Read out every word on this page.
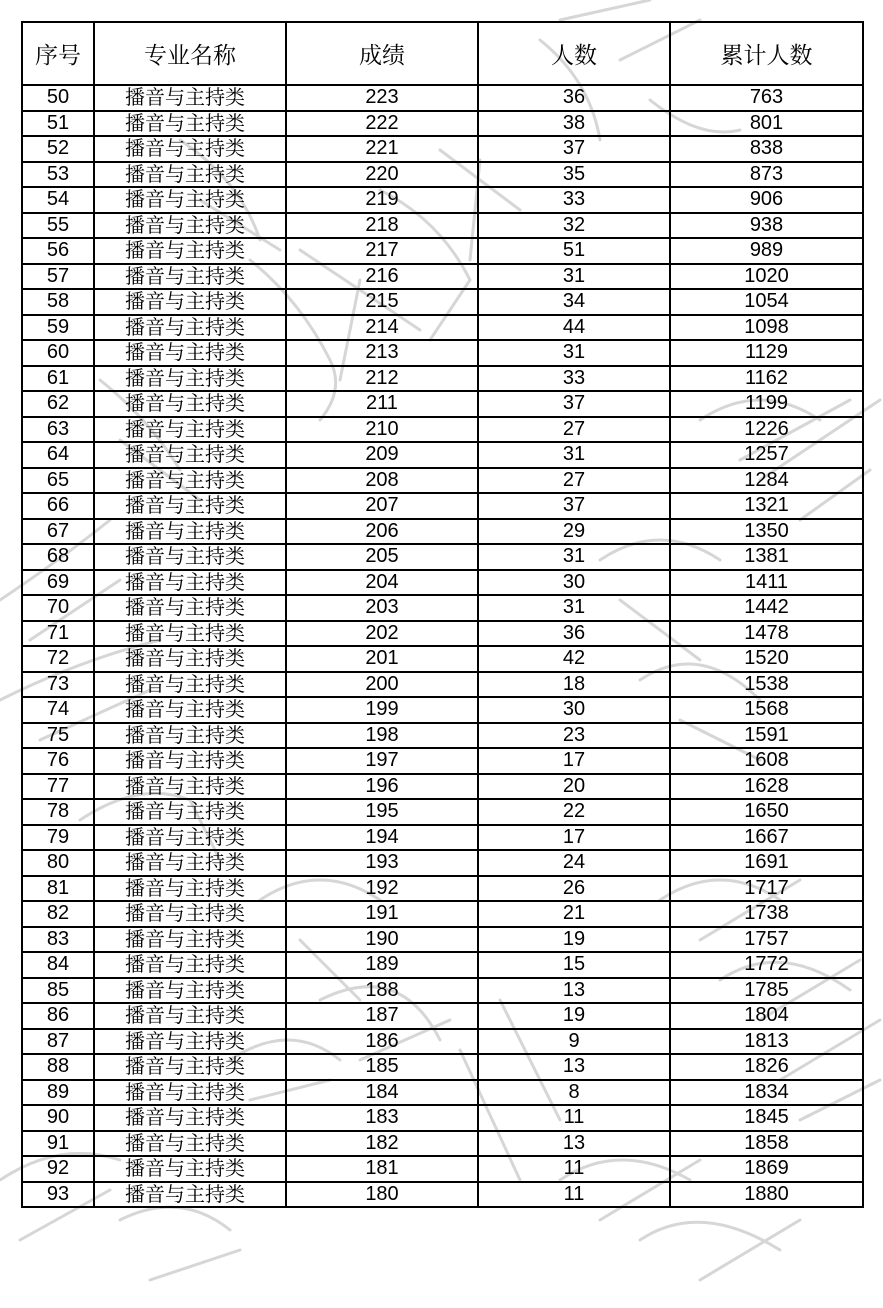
序号	专业名称	成绩	人数	累计人数
50	播音与主持类	223	36	763
51	播音与主持类	222	38	801
52	播音与主持类	221	37	838
53	播音与主持类	220	35	873
54	播音与主持类	219	33	906
55	播音与主持类	218	32	938
56	播音与主持类	217	51	989
57	播音与主持类	216	31	1020
58	播音与主持类	215	34	1054
59	播音与主持类	214	44	1098
60	播音与主持类	213	31	1129
61	播音与主持类	212	33	1162
62	播音与主持类	211	37	1199
63	播音与主持类	210	27	1226
64	播音与主持类	209	31	1257
65	播音与主持类	208	27	1284
66	播音与主持类	207	37	1321
67	播音与主持类	206	29	1350
68	播音与主持类	205	31	1381
69	播音与主持类	204	30	1411
70	播音与主持类	203	31	1442
71	播音与主持类	202	36	1478
72	播音与主持类	201	42	1520
73	播音与主持类	200	18	1538
74	播音与主持类	199	30	1568
75	播音与主持类	198	23	1591
76	播音与主持类	197	17	1608
77	播音与主持类	196	20	1628
78	播音与主持类	195	22	1650
79	播音与主持类	194	17	1667
80	播音与主持类	193	24	1691
81	播音与主持类	192	26	1717
82	播音与主持类	191	21	1738
83	播音与主持类	190	19	1757
84	播音与主持类	189	15	1772
85	播音与主持类	188	13	1785
86	播音与主持类	187	19	1804
87	播音与主持类	186	9	1813
88	播音与主持类	185	13	1826
89	播音与主持类	184	8	1834
90	播音与主持类	183	11	1845
91	播音与主持类	182	13	1858
92	播音与主持类	181	11	1869
93	播音与主持类	180	11	1880
